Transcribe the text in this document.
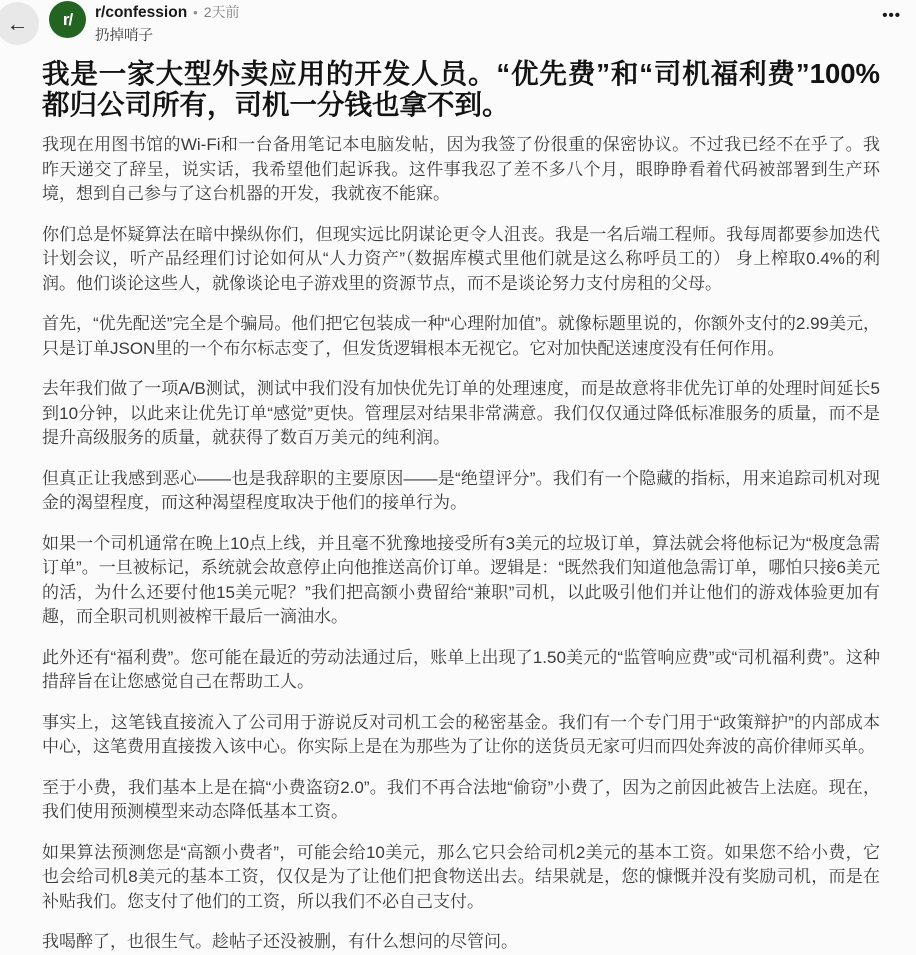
←	r/	r/confession • 2天前
扔掉哨子
•••
我是一家大型外卖应用的开发人员。“优先费”和“司机福利费”100%都归公司所有，司机一分钱也拿不到。

我现在用图书馆的Wi-Fi和一台备用笔记本电脑发帖，因为我签了份很重的保密协议。不过我已经不在乎了。我昨天递交了辞呈，说实话，我希望他们起诉我。这件事我忍了差不多八个月，眼睁睁看着代码被部署到生产环境，想到自己参与了这台机器的开发，我就夜不能寐。

你们总是怀疑算法在暗中操纵你们，但现实远比阴谋论更令人沮丧。我是一名后端工程师。我每周都要参加迭代计划会议，听产品经理们讨论如何从“人力资产”（数据库模式里他们就是这么称呼员工的） 身上榨取0.4%的利润。他们谈论这些人，就像谈论电子游戏里的资源节点，而不是谈论努力支付房租的父母。

首先，“优先配送”完全是个骗局。他们把它包装成一种“心理附加值”。就像标题里说的，你额外支付的2.99美元，只是订单JSON里的一个布尔标志变了，但发货逻辑根本无视它。它对加快配送速度没有任何作用。

去年我们做了一项A/B测试，测试中我们没有加快优先订单的处理速度，而是故意将非优先订单的处理时间延长5到10分钟，以此来让优先订单“感觉”更快。管理层对结果非常满意。我们仅仅通过降低标准服务的质量，而不是提升高级服务的质量，就获得了数百万美元的纯利润。

但真正让我感到恶心——也是我辞职的主要原因——是“绝望评分”。我们有一个隐藏的指标，用来追踪司机对现金的渴望程度，而这种渴望程度取决于他们的接单行为。

如果一个司机通常在晚上10点上线，并且毫不犹豫地接受所有3美元的垃圾订单，算法就会将他标记为“极度急需订单”。一旦被标记，系统就会故意停止向他推送高价订单。逻辑是：“既然我们知道他急需订单，哪怕只接6美元的活，为什么还要付他15美元呢？”我们把高额小费留给“兼职”司机，以此吸引他们并让他们的游戏体验更加有趣，而全职司机则被榨干最后一滴油水。

此外还有“福利费”。您可能在最近的劳动法通过后，账单上出现了1.50美元的“监管响应费”或“司机福利费”。这种措辞旨在让您感觉自己在帮助工人。

事实上，这笔钱直接流入了公司用于游说反对司机工会的秘密基金。我们有一个专门用于“政策辩护”的内部成本中心，这笔费用直接拨入该中心。你实际上是在为那些为了让你的送货员无家可归而四处奔波的高价律师买单。

至于小费，我们基本上是在搞“小费盗窃2.0”。我们不再合法地“偷窃”小费了，因为之前因此被告上法庭。现在，我们使用预测模型来动态降低基本工资。

如果算法预测您是“高额小费者”，可能会给10美元，那么它只会给司机2美元的基本工资。如果您不给小费，它也会给司机8美元的基本工资，仅仅是为了让他们把食物送出去。结果就是，您的慷慨并没有奖励司机，而是在补贴我们。您支付了他们的工资，所以我们不必自己支付。

我喝醉了，也很生气。趁帖子还没被删，有什么想问的尽管问。
